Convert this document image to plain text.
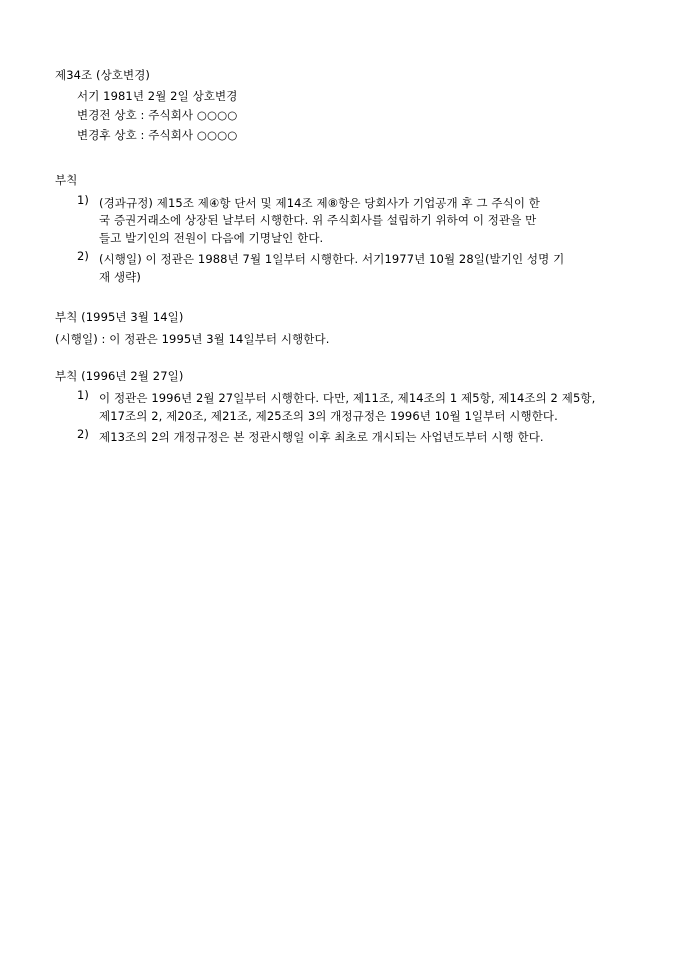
제34조 (상호변경)
서기 1981년 2월 2일 상호변경
변경전 상호 : 주식회사 ○○○○
변경후 상호 : 주식회사 ○○○○
부칙
1) (경과규정) 제15조 제④항 단서 및 제14조 제⑧항은 당회사가 기업공개 후 그 주식이 한
국 증권거래소에 상장된 날부터 시행한다. 위 주식회사를 설립하기 위하여 이 정관을 만
들고 발기인의 전원이 다음에 기명날인 한다.
2) (시행일) 이 정관은 1988년 7월 1일부터 시행한다. 서기1977년 10월 28일(발기인 성명 기
재 생략)
부칙 (1995년 3월 14일)
(시행일) : 이 정관은 1995년 3월 14일부터 시행한다.
부칙 (1996년 2월 27일)
1) 이 정관은 1996년 2월 27일부터 시행한다. 다만, 제11조, 제14조의 1 제5항, 제14조의 2 제5항,
제17조의 2, 제20조, 제21조, 제25조의 3의 개정규정은 1996년 10월 1일부터 시행한다.
2) 제13조의 2의 개정규정은 본 정관시행일 이후 최초로 개시되는 사업년도부터 시행 한다.
